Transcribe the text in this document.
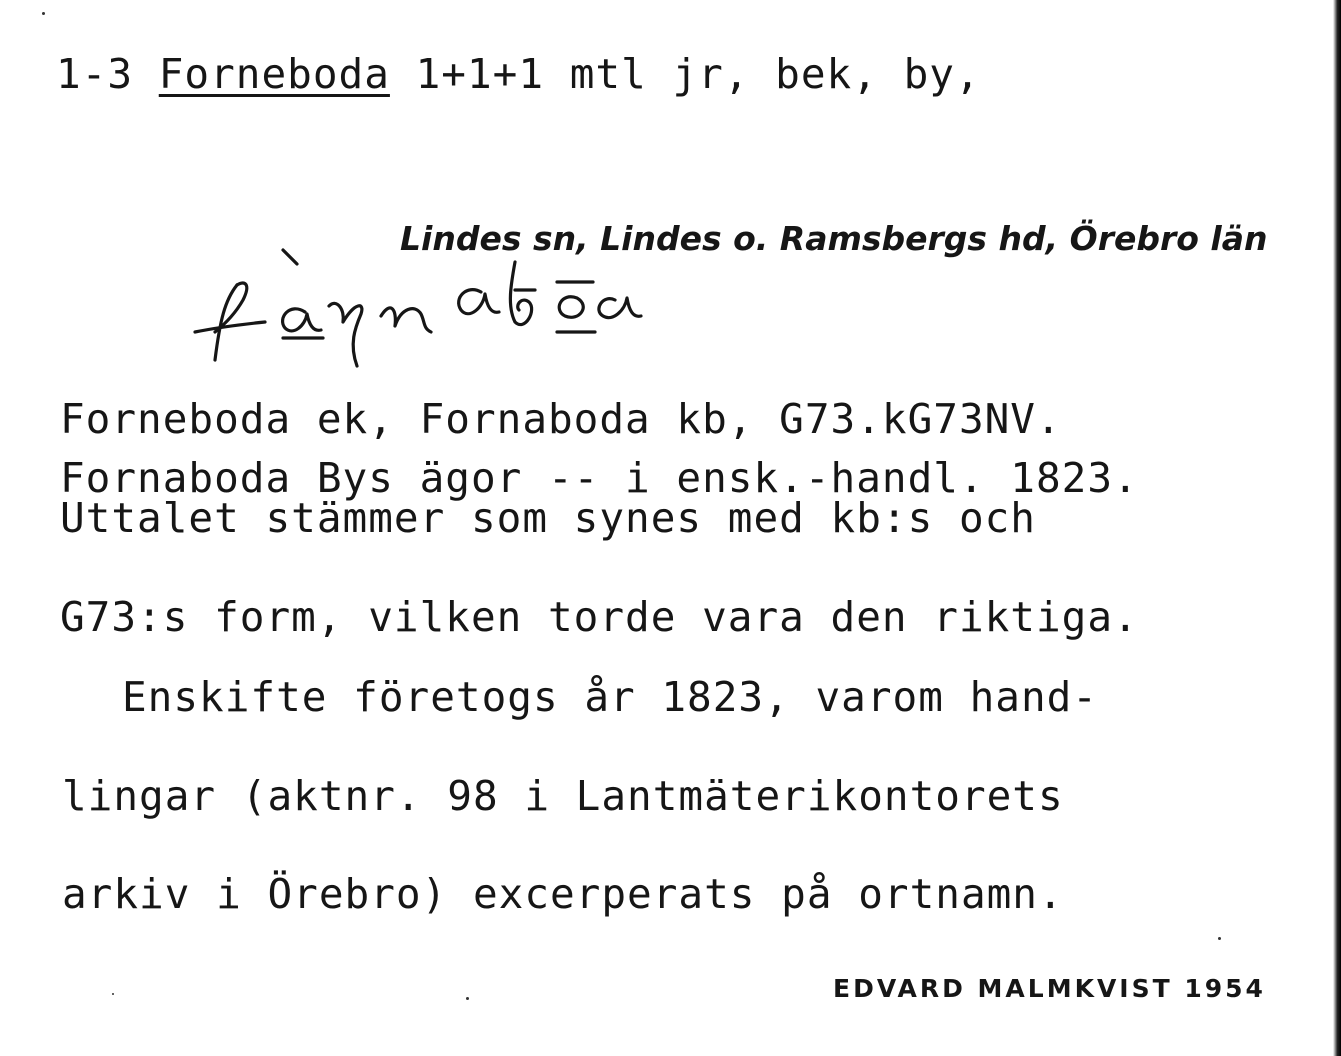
1-3 Forneboda 1+1+1 mtl jr, bek, by,
Lindes sn, Lindes o. Ramsbergs hd, Örebro län
Forneboda ek, Fornaboda kb, G73.kG73NV.
Fornaboda Bys ägor -- i ensk.-handl. 1823.
Uttalet stämmer som synes med kb:s och
G73:s form, vilken torde vara den riktiga.
Enskifte företogs år 1823, varom hand-
lingar (aktnr. 98 i Lantmäterikontorets
arkiv i Örebro) excerperats på ortnamn.
EDVARD MALMKVIST 1954
